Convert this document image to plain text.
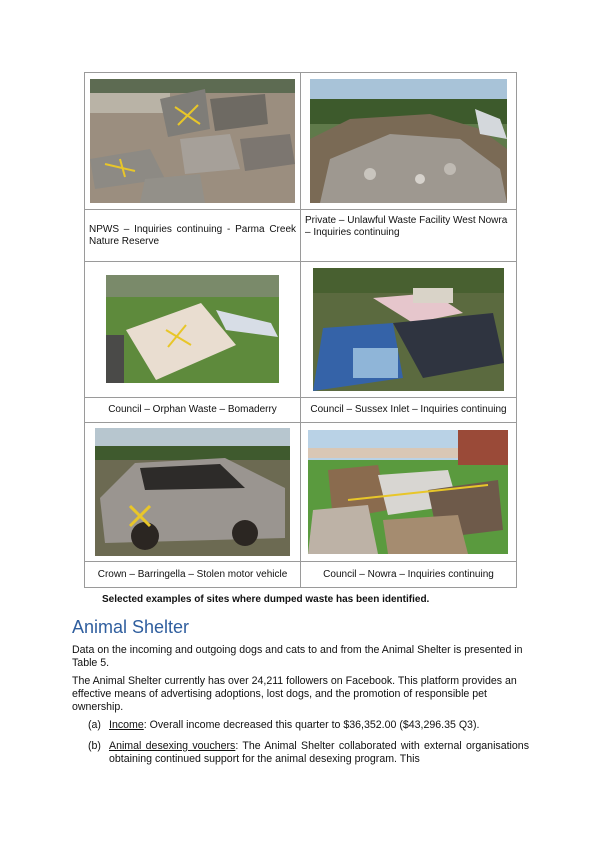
NPWS – Inquiries continuing - Parma Creek Nature Reserve
Private – Unlawful Waste Facility West Nowra – Inquiries continuing
Council – Orphan Waste – Bomaderry	Council – Sussex Inlet – Inquiries continuing
Crown – Barringella – Stolen motor vehicle	Council – Nowra – Inquiries continuing
Selected examples of sites where dumped waste has been identified.
Animal Shelter

Data on the incoming and outgoing dogs and cats to and from the Animal Shelter is presented in Table 5.

The Animal Shelter currently has over 24,211 followers on Facebook. This platform provides an effective means of advertising adoptions, lost dogs, and the promotion of responsible pet ownership.

(a) Income: Overall income decreased this quarter to $36,352.00 ($43,296.35 Q3).
(b) Animal desexing vouchers: The Animal Shelter collaborated with external organisations obtaining continued support for the animal desexing program. This
